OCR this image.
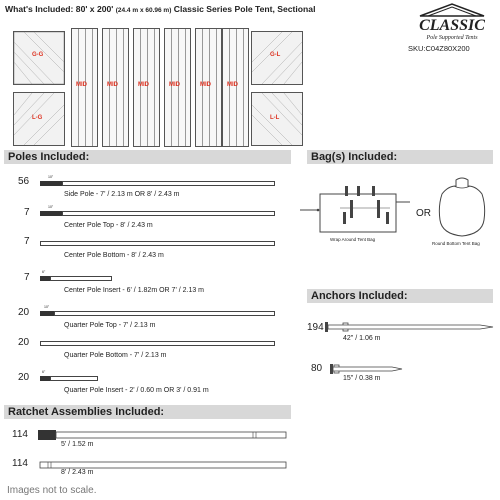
What's Included: 80' x 200' (24.4 m x 60.96 m) Classic Series Pole Tent, Sectional
CLASSIC
Pole Supported Tents
SKU:C04Z80X200
G-G	G-L
L-G	L-L
MID	MID	MID	MID	MID	MID
Poles Included:
56	10"
Side Pole - 7' / 2.13 m OR 8' / 2.43 m
7	10"
Center Pole Top - 8' / 2.43 m
7
Center Pole Bottom - 8' / 2.43 m
7	6"
Center Pole Insert - 6' / 1.82m OR 7' / 2.13 m
20	10"
Quarter Pole Top - 7' / 2.13 m
20
Quarter Pole Bottom - 7' / 2.13 m
20	6"
Quarter Pole Insert - 2' / 0.60 m OR 3' / 0.91 m
Bag(s) Included:
Wrap Around Tent Bag
OR
Round Bottom Tent Bag
Anchors Included:
194
42" / 1.06 m
80
15" / 0.38 m
Ratchet Assemblies Included:
114
5' / 1.52 m
114
8' / 2.43 m
Images not to scale.
